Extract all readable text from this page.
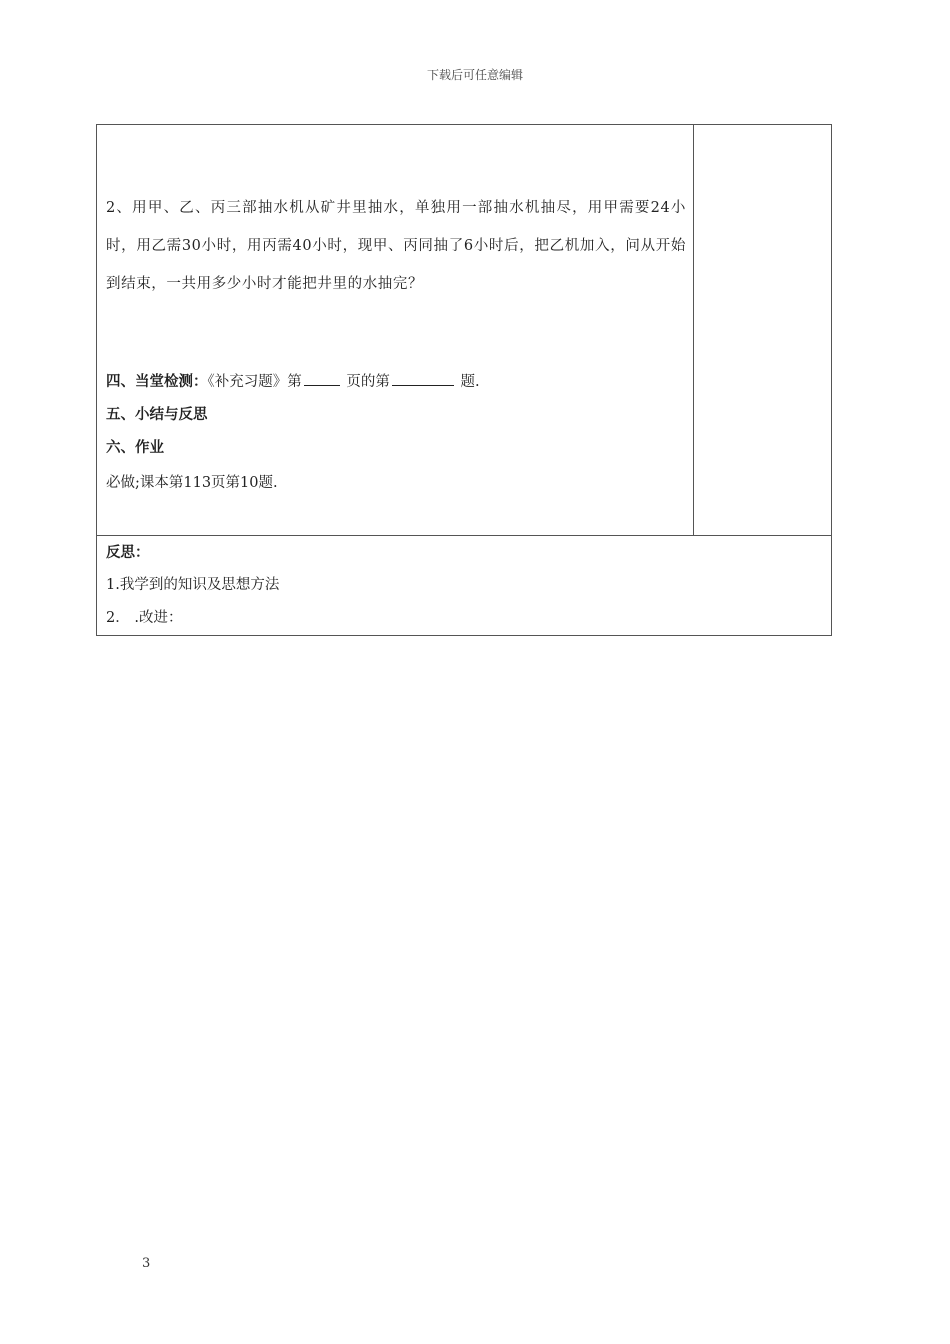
下载后可任意编辑
2、用甲、乙、丙三部抽水机从矿井里抽水，单独用一部抽水机抽尽，用甲需要24小时，用乙需30小时，用丙需40小时，现甲、丙同抽了6小时后，把乙机加入，问从开始到结束，一共用多少小时才能把井里的水抽完？
四、当堂检测：《补充习题》第	页的第	题.
五、小结与反思
六、作业
必做;课本第113页第10题.
反思：
1.我学到的知识及思想方法
2． .改进：
3
